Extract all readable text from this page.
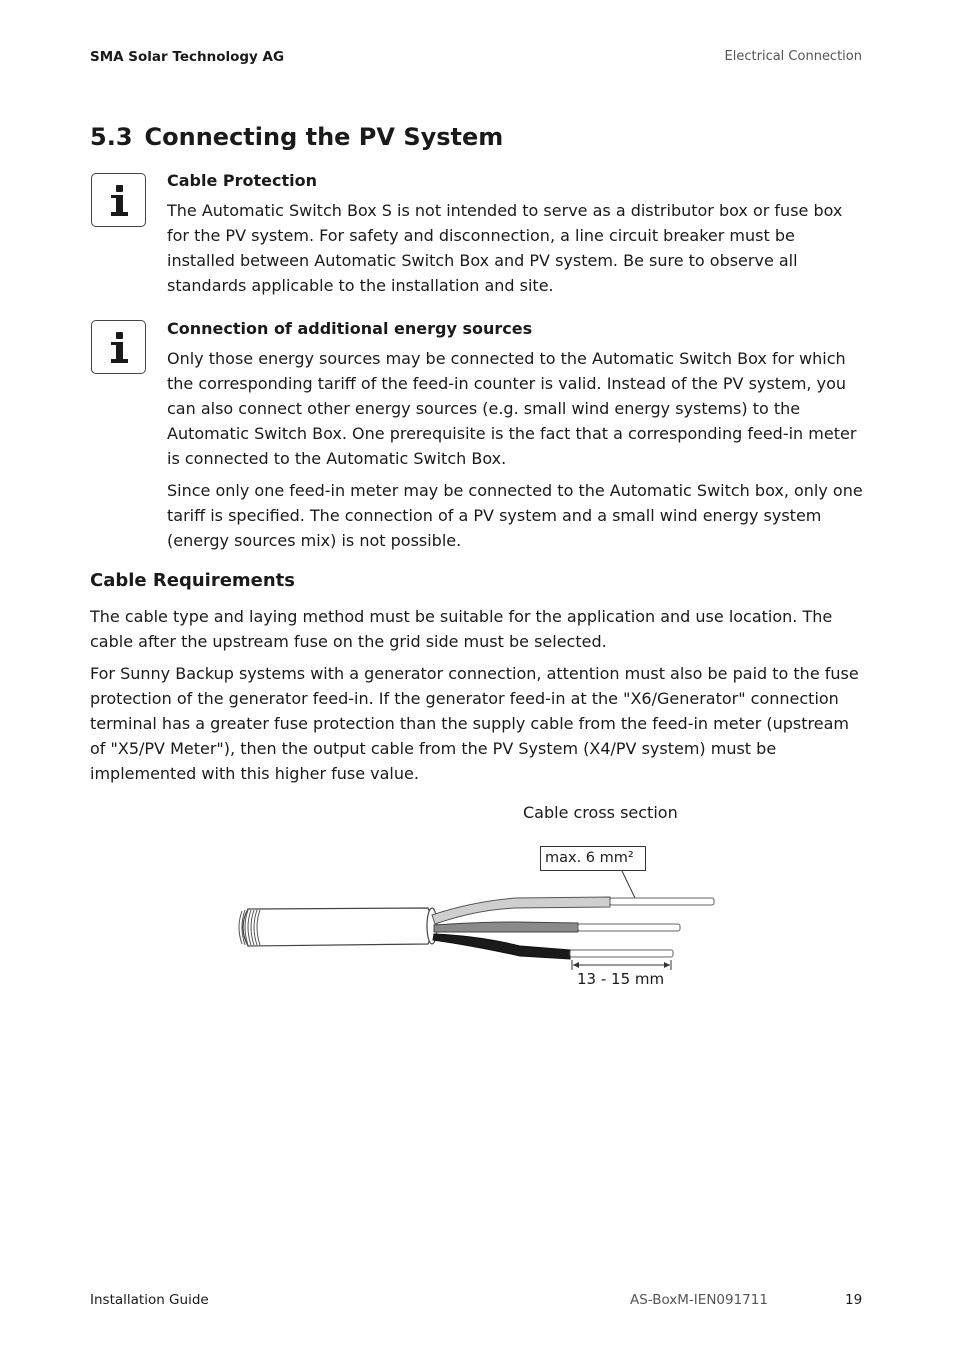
SMA Solar Technology AG	Electrical Connection
5.3 Connecting the PV System
Cable Protection

The Automatic Switch Box S is not intended to serve as a distributor box or fuse box for the PV system. For safety and disconnection, a line circuit breaker must be installed between Automatic Switch Box and PV system. Be sure to observe all standards applicable to the installation and site.

Connection of additional energy sources

Only those energy sources may be connected to the Automatic Switch Box for which the corresponding tariff of the feed-in counter is valid. Instead of the PV system, you can also connect other energy sources (e.g. small wind energy systems) to the Automatic Switch Box. One prerequisite is the fact that a corresponding feed-in meter is connected to the Automatic Switch Box.

Since only one feed-in meter may be connected to the Automatic Switch box, only one tariff is specified. The connection of a PV system and a small wind energy system (energy sources mix) is not possible.

Cable Requirements

The cable type and laying method must be suitable for the application and use location. The cable after the upstream fuse on the grid side must be selected.

For Sunny Backup systems with a generator connection, attention must also be paid to the fuse protection of the generator feed-in. If the generator feed-in at the "X6/Generator" connection terminal has a greater fuse protection than the supply cable from the feed-in meter (upstream of "X5/PV Meter"), then the output cable from the PV System (X4/PV system) must be implemented with this higher fuse value.

Cable cross section
max. 6 mm²
13 - 15 mm
Installation Guide	AS-BoxM-IEN091711	19
